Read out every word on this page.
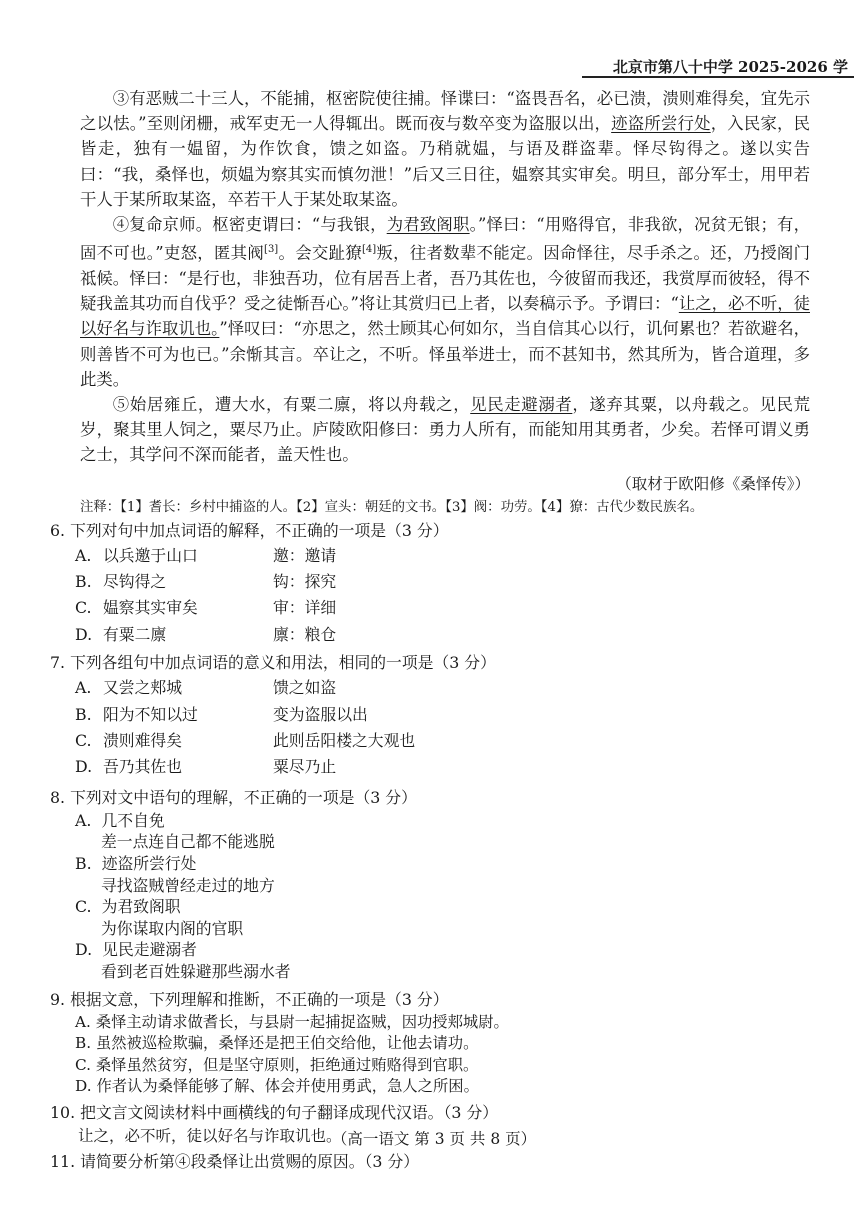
北京市第八十中学 2025-2026 学

③有恶贼二十三人，不能捕，枢密院使往捕。怿谍曰：“盗畏吾名，必已溃，溃则难得矣，宜先示之以怯。”至则闭栅，戒军吏无一人得辄出。既而夜与数卒变为盗服以出，迹盗所尝行处，入民家，民皆走，独有一媪留，为作饮食，馈之如盗。乃稍就媪，与语及群盗辈。怿尽钩得之。遂以实告曰：“我，桑怿也，烦媪为察其实而慎勿泄！”后又三日往，媪察其实审矣。明旦，部分军士，用甲若干人于某所取某盗，卒若干人于某处取某盗。

④复命京师。枢密吏谓曰：“与我银，为君致阁职。”怿曰：“用赂得官，非我欲，况贫无银；有，固不可也。”吏怒，匿其阀[3]。会交趾獠[4]叛，往者数辈不能定。因命怿往，尽手杀之。还，乃授阁门祗候。怿曰：“是行也，非独吾功，位有居吾上者，吾乃其佐也，今彼留而我还，我赏厚而彼轻，得不疑我盖其功而自伐乎？受之徒惭吾心。”将让其赏归已上者，以奏稿示予。予谓曰：“让之，必不听，徒以好名与诈取讥也。”怿叹曰：“亦思之，然士顾其心何如尔，当自信其心以行，讥何累也？若欲避名，则善皆不可为也已。”余惭其言。卒让之，不听。怿虽举进士，而不甚知书，然其所为，皆合道理，多此类。

⑤始居雍丘，遭大水，有粟二廪，将以舟载之，见民走避溺者，遂弃其粟，以舟载之。见民荒岁，聚其里人饲之，粟尽乃止。庐陵欧阳修曰：勇力人所有，而能知用其勇者，少矣。若怿可谓义勇之士，其学问不深而能者，盖天性也。

（取材于欧阳修《桑怿传》）

注释：【1】耆长：乡村中捕盗的人。【2】宣头：朝廷的文书。【3】阀：功劳。【4】獠：古代少数民族名。

6. 下列对句中加点词语的解释，不正确的一项是（3 分）

A. 以兵邀于山口	邀：邀请
B. 尽钩得之	钩：探究
C. 媪察其实审矣	审：详细
D. 有粟二廪	廪：粮仓

7. 下列各组句中加点词语的意义和用法，相同的一项是（3 分）

A. 又尝之郏城	馈之如盗
B. 阳为不知以过	变为盗服以出
C. 溃则难得矣	此则岳阳楼之大观也
D. 吾乃其佐也	粟尽乃止

8. 下列对文中语句的理解，不正确的一项是（3 分）

A. 几不自免
差一点连自己都不能逃脱
B. 迹盗所尝行处
寻找盗贼曾经走过的地方
C. 为君致阁职
为你谋取内阁的官职
D. 见民走避溺者
看到老百姓躲避那些溺水者

9. 根据文意，下列理解和推断，不正确的一项是（3 分）

A. 桑怿主动请求做耆长，与县尉一起捕捉盗贼，因功授郏城尉。
B. 虽然被巡检欺骗，桑怿还是把王伯交给他，让他去请功。
C. 桑怿虽然贫穷，但是坚守原则，拒绝通过贿赂得到官职。
D. 作者认为桑怿能够了解、体会并使用勇武，急人之所困。

10. 把文言文阅读材料中画横线的句子翻译成现代汉语。（3 分）

让之，必不听，徒以好名与诈取讥也。

11. 请简要分析第④段桑怿让出赏赐的原因。（3 分）

（高一语文 第 3 页 共 8 页）
